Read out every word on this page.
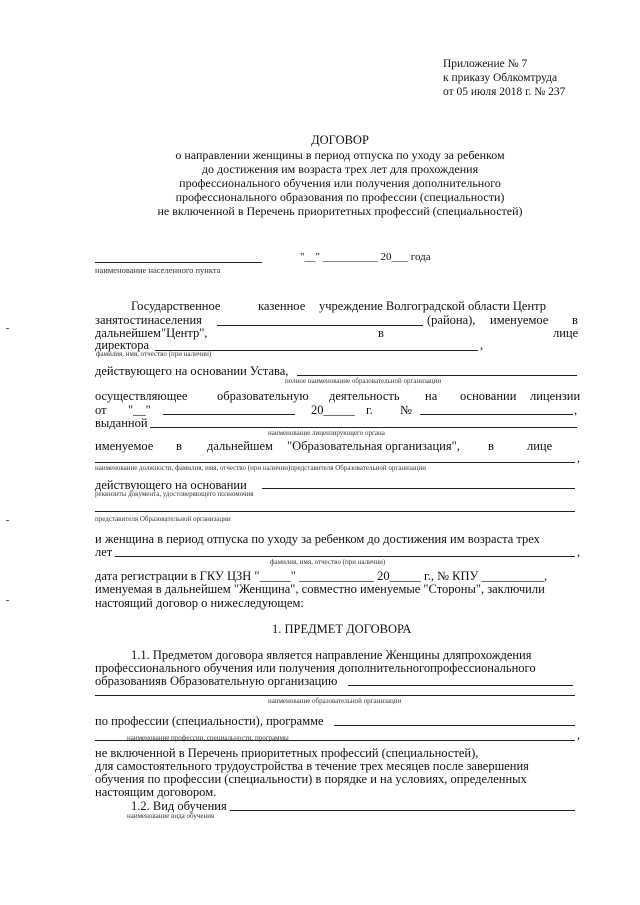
Приложение № 7
к приказу Облкомтруда
от 05 июля 2018 г. № 237
ДОГОВОР
о направлении женщины в период отпуска по уходу за ребенком
до достижения им возраста трех лет для прохождения
профессионального обучения или получения дополнительного
профессионального образования по профессии (специальности)
не включенной в Перечень приоритетных профессий (специальностей)
"__" __________ 20___ года
наименование населенного пункта
Государственное	казенное учреждение Волгоградской области Центр
занятостинаселения	(района), именуемое в
дальнейшем"Центр",	в	лице
директора	,
фамилия, имя, отчество (при наличии)
действующего на основании Устава,
полное наименование образовательной организации
осуществляющее образовательную деятельность на основании лицензии
от "__"	20_____ г. №	,
выданной
наименование лицензирующего органа
именуемое в дальнейшем "Образовательная организация", в	лице
,
наименование должности, фамилия, имя, отчество (при наличии)представителя Образовательной организации
действующего на основании
реквизиты документа, удостоверяющего полномочия
представителя Образовательной организации
и женщина в период отпуска по уходу за ребенком до достижения им возраста трех
лет	,
фамилия, имя, отчество (при наличии)
дата регистрации в ГКУ ЦЗН "_____" ____________ 20_____ г., № КПУ __________,
именуемая в дальнейшем "Женщина", совместно именуемые "Стороны", заключили
настоящий договор о нижеследующем:
1. ПРЕДМЕТ ДОГОВОРА
1.1. Предметом договора является направление Женщины дляпрохождения
профессионального обучения или получения дополнительногопрофессионального
образованияв Образовательную организацию
наименование образовательной организации
по профессии (специальности), программе
,
наименование профессии, специальности, программы
не включенной в Перечень приоритетных профессий (специальностей),
для самостоятельного трудоустройства в течение трех месяцев после завершения
обучения по профессии (специальности) в порядке и на условиях, определенных
настоящим договором.
1.2. Вид обучения
наименование вида обучения
